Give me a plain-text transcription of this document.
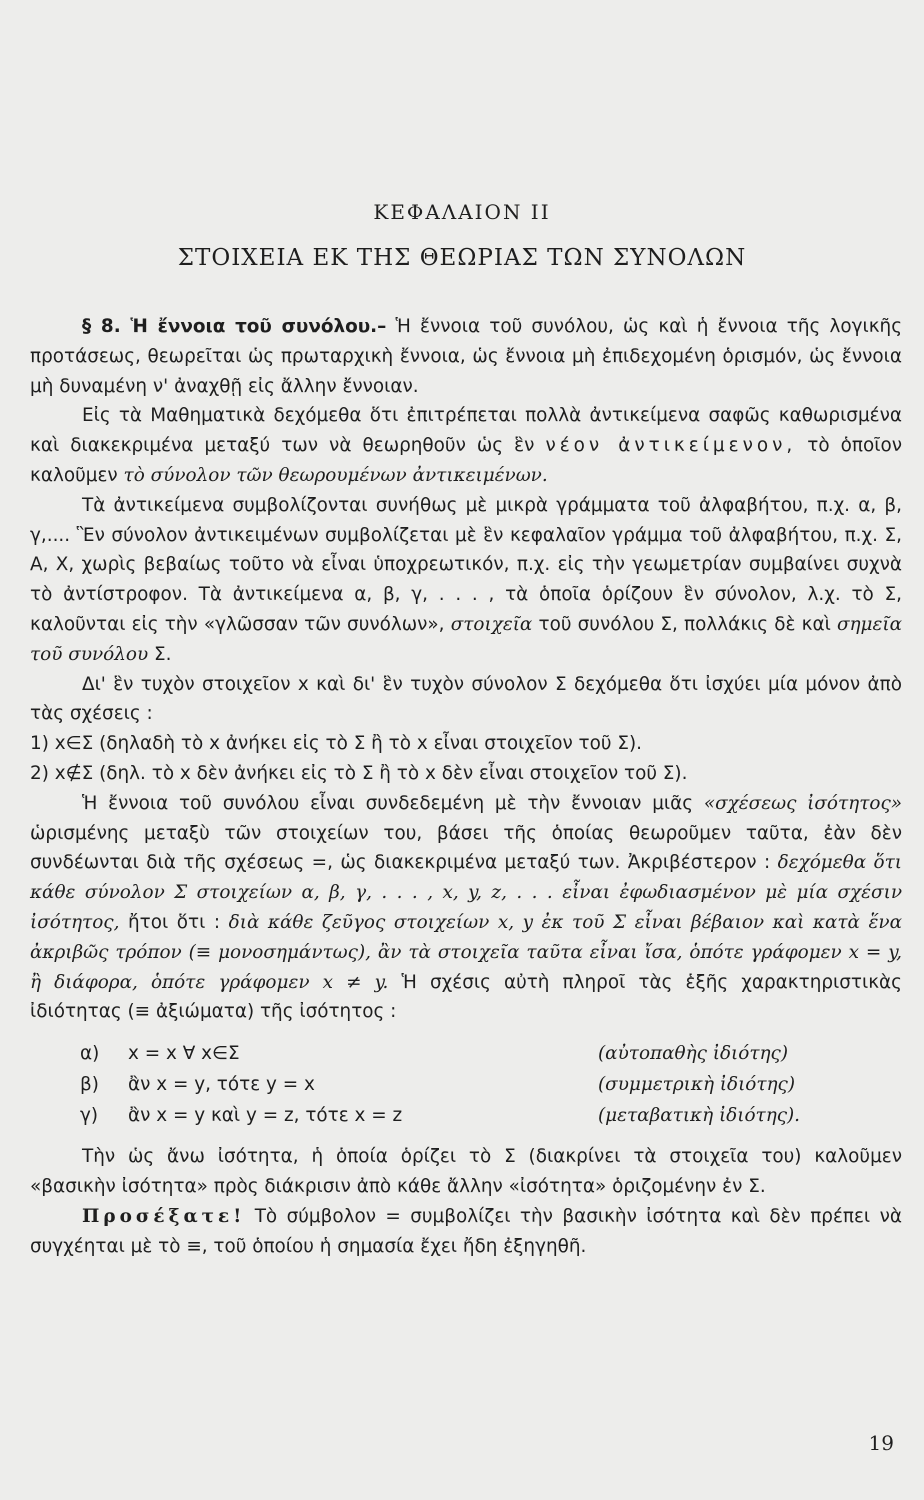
ΚΕΦΑΛΑΙΟΝ ΙΙ
ΣΤΟΙΧΕΙΑ ΕΚ ΤΗΣ ΘΕΩΡΙΑΣ ΤΩΝ ΣΥΝΟΛΩΝ

§ 8. Ἡ ἔννοια τοῦ συνόλου.– Ἡ ἔννοια τοῦ συνόλου, ὡς καὶ ἡ ἔννοια τῆς λογικῆς προτάσεως, θεωρεῖται ὡς πρωταρχικὴ ἔννοια, ὡς ἔννοια μὴ ἐπιδεχομένη ὁρισμόν, ὡς ἔννοια μὴ δυναμένη ν' ἀναχθῇ εἰς ἄλλην ἔννοιαν.

Εἰς τὰ Μαθηματικὰ δεχόμεθα ὅτι ἐπιτρέπεται πολλὰ ἀντικείμενα σαφῶς καθωρισμένα καὶ διακεκριμένα μεταξύ των νὰ θεωρηθοῦν ὡς ἓν νέον ἀντικείμενον, τὸ ὁποῖον καλοῦμεν τὸ σύνολον τῶν θεωρουμένων ἀντικειμένων.

Τὰ ἀντικείμενα συμβολίζονται συνήθως μὲ μικρὰ γράμματα τοῦ ἀλφαβήτου, π.χ. α, β, γ,.... Ἓν σύνολον ἀντικειμένων συμβολίζεται μὲ ἓν κεφαλαῖον γράμμα τοῦ ἀλφαβήτου, π.χ. Σ, Α, Χ, χωρὶς βεβαίως τοῦτο νὰ εἶναι ὑποχρεωτικόν, π.χ. εἰς τὴν γεωμετρίαν συμβαίνει συχνὰ τὸ ἀντίστροφον. Τὰ ἀντικείμενα α, β, γ, . . . , τὰ ὁποῖα ὁρίζουν ἓν σύνολον, λ.χ. τὸ Σ, καλοῦνται εἰς τὴν «γλῶσσαν τῶν συνόλων», στοιχεῖα τοῦ συνόλου Σ, πολλάκις δὲ καὶ σημεῖα τοῦ συνόλου Σ.

Δι' ἓν τυχὸν στοιχεῖον x καὶ δι' ἓν τυχὸν σύνολον Σ δεχόμεθα ὅτι ἰσχύει μία μόνον ἀπὸ τὰς σχέσεις :

1) x∈Σ (δηλαδὴ τὸ x ἀνήκει εἰς τὸ Σ ἢ τὸ x εἶναι στοιχεῖον τοῦ Σ).

2) x∉Σ (δηλ. τὸ x δὲν ἀνήκει εἰς τὸ Σ ἢ τὸ x δὲν εἶναι στοιχεῖον τοῦ Σ).

Ἡ ἔννοια τοῦ συνόλου εἶναι συνδεδεμένη μὲ τὴν ἔννοιαν μιᾶς «σχέσεως ἰσότητος» ὡρισμένης μεταξὺ τῶν στοιχείων του, βάσει τῆς ὁποίας θεωροῦμεν ταῦτα, ἐὰν δὲν συνδέωνται διὰ τῆς σχέσεως =, ὡς διακεκριμένα μεταξύ των. Ἀκριβέστερον : δεχόμεθα ὅτι κάθε σύνολον Σ στοιχείων α, β, γ, . . . , x, y, z, . . . εἶναι ἐφωδιασμένον μὲ μία σχέσιν ἰσότητος, ἤτοι ὅτι : διὰ κάθε ζεῦγος στοιχείων x, y ἐκ τοῦ Σ εἶναι βέβαιον καὶ κατὰ ἕνα ἀκριβῶς τρόπον (≡ μονοσημάντως), ἂν τὰ στοιχεῖα ταῦτα εἶναι ἴσα, ὁπότε γράφομεν x = y, ἢ διάφορα, ὁπότε γράφομεν x ≠ y. Ἡ σχέσις αὐτὴ πληροῖ τὰς ἑξῆς χαρακτηριστικὰς ἰδιότητας (≡ ἀξιώματα) τῆς ἰσότητος :

α)	x = x ∀ x∈Σ	(αὐτοπαθὴς ἰδιότης)
β)	ἂν x = y, τότε y = x	(συμμετρικὴ ἰδιότης)
γ)	ἂν x = y καὶ y = z, τότε x = z	(μεταβατικὴ ἰδιότης).

Τὴν ὡς ἄνω ἰσότητα, ἡ ὁποία ὁρίζει τὸ Σ (διακρίνει τὰ στοιχεῖα του) καλοῦμεν «βασικὴν ἰσότητα» πρὸς διάκρισιν ἀπὸ κάθε ἄλλην «ἰσότητα» ὁριζομένην ἐν Σ.

Προσέξατε! Τὸ σύμβολον = συμβολίζει τὴν βασικὴν ἰσότητα καὶ δὲν πρέπει νὰ συγχέηται μὲ τὸ ≡, τοῦ ὁποίου ἡ σημασία ἔχει ἤδη ἐξηγηθῆ.

19
